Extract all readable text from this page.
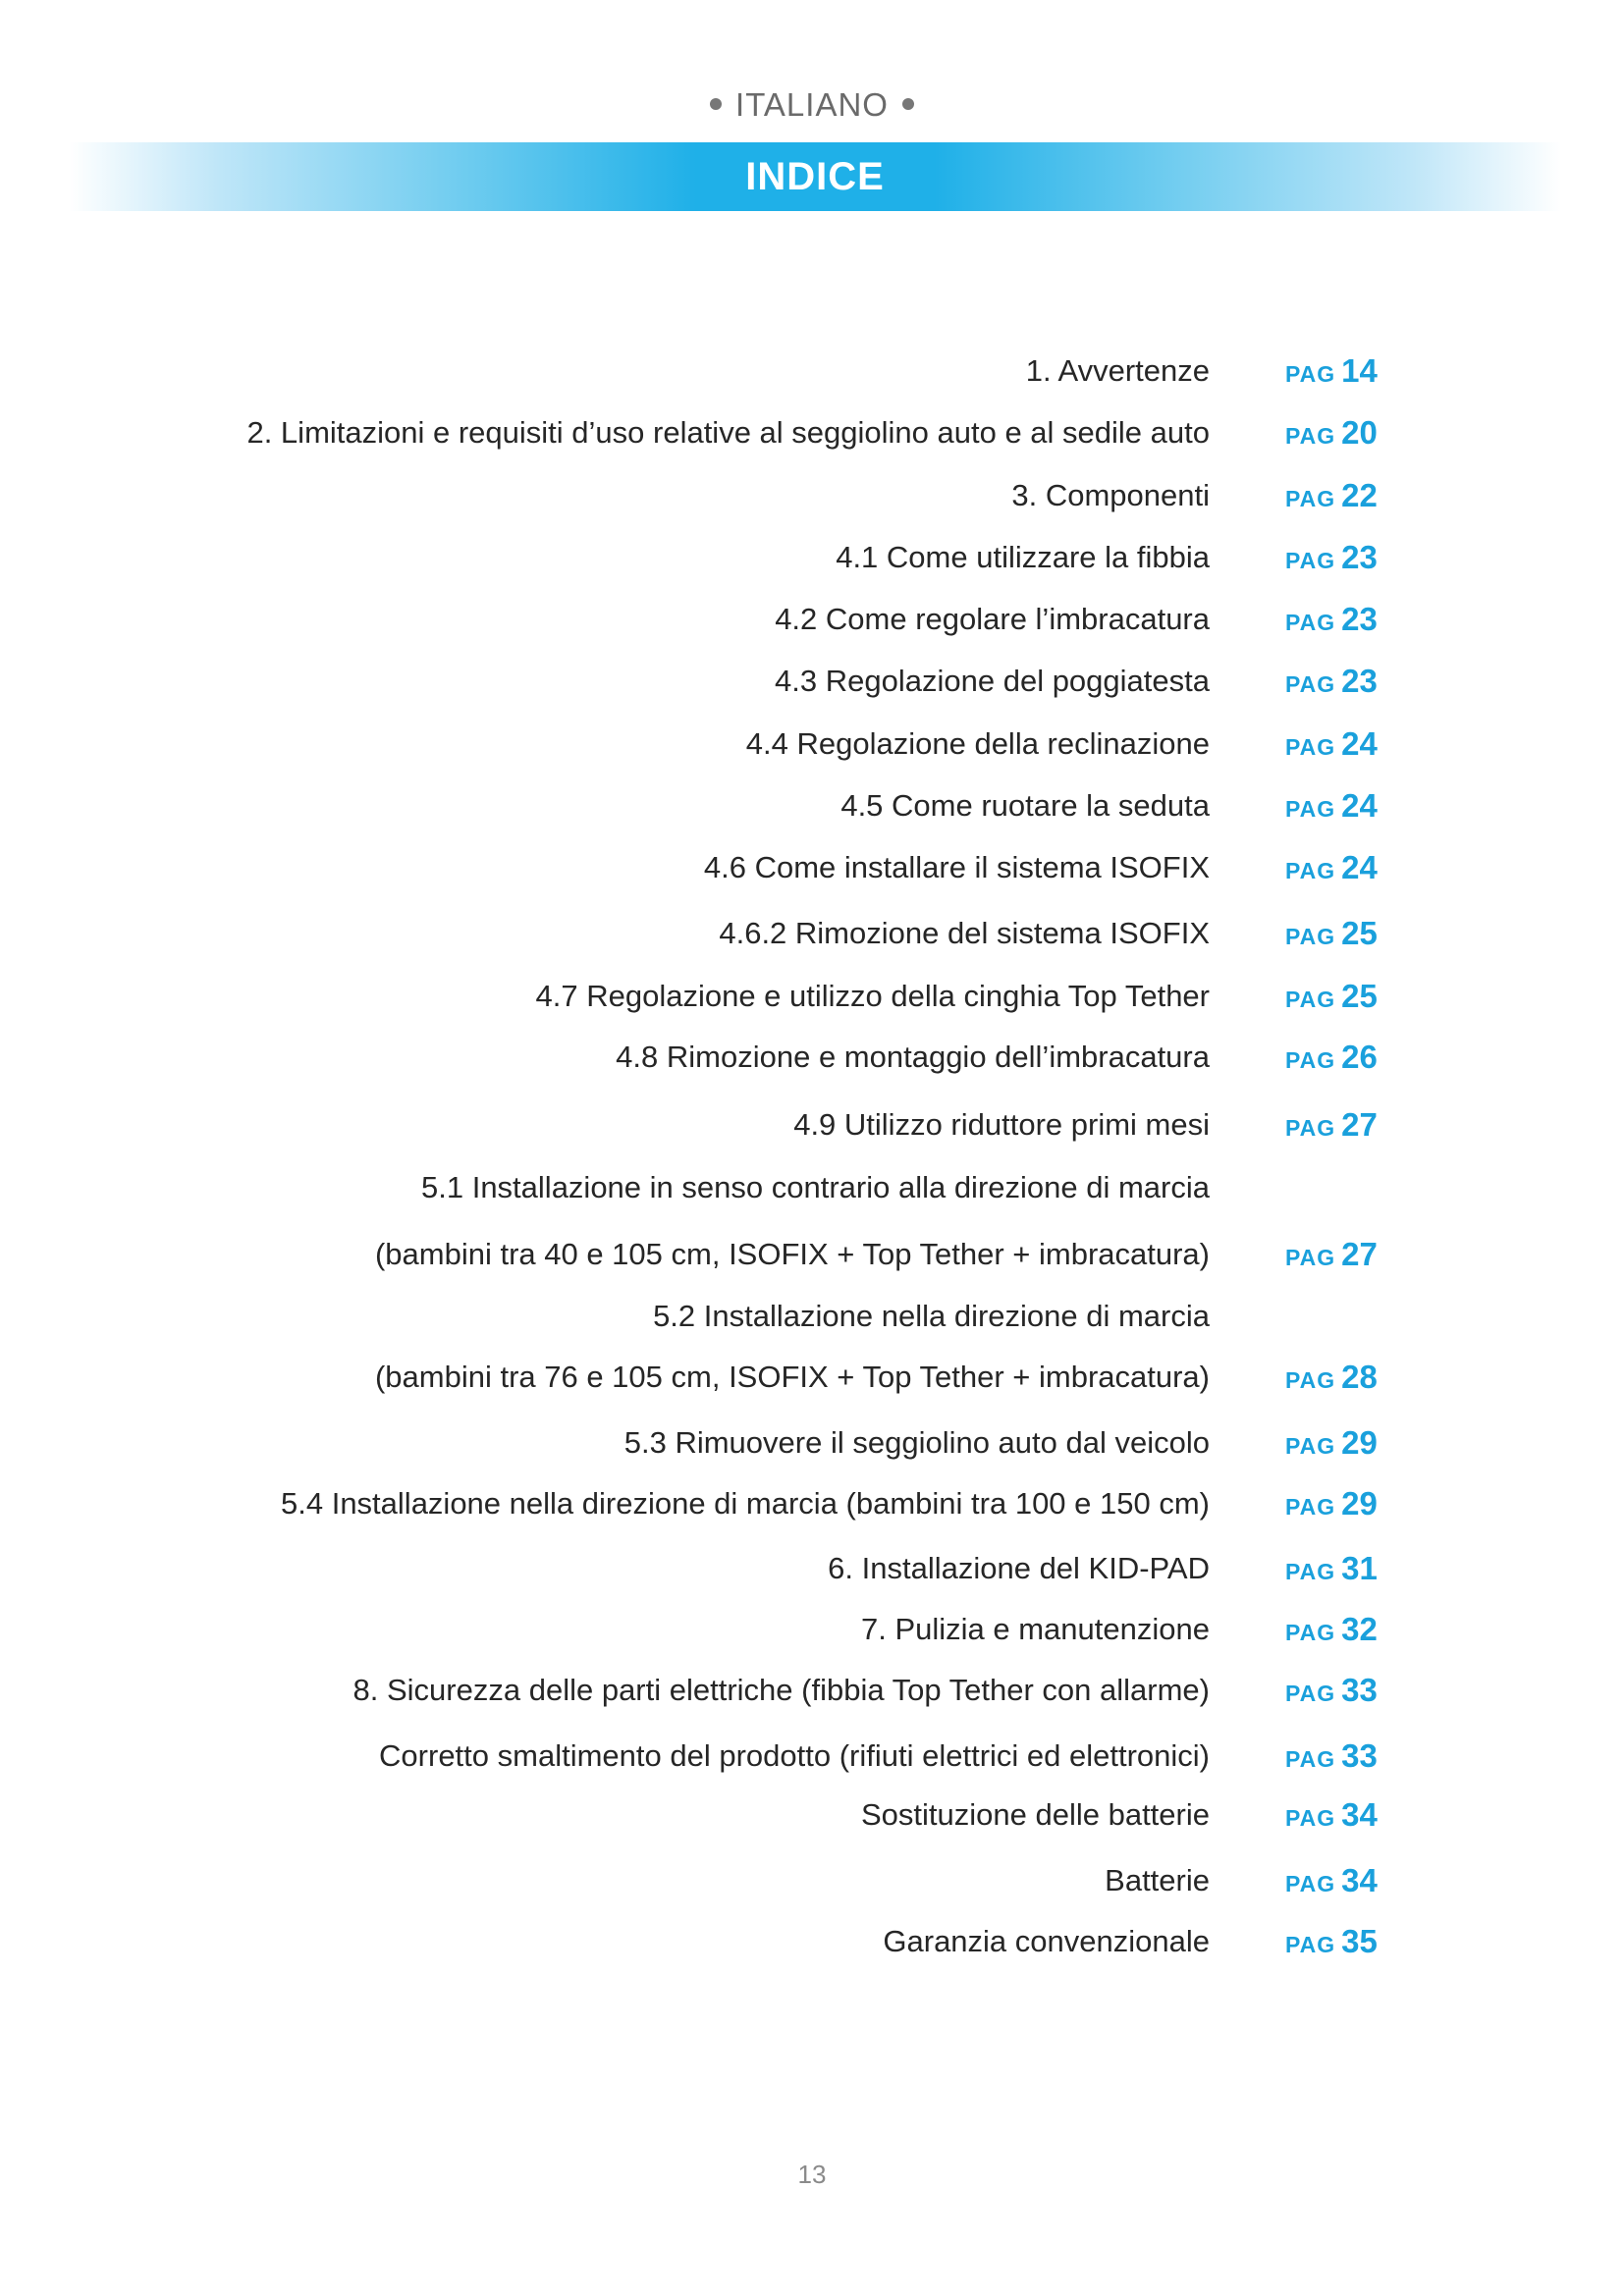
ITALIANO
INDICE
1. Avvertenze	PAG 14
2. Limitazioni e requisiti d’uso relative al seggiolino auto e al sedile auto	PAG 20
3. Componenti	PAG 22
4.1 Come utilizzare la fibbia	PAG 23
4.2 Come regolare l’imbracatura	PAG 23
4.3 Regolazione del poggiatesta	PAG 23
4.4 Regolazione della reclinazione	PAG 24
4.5 Come ruotare la seduta	PAG 24
4.6 Come installare il sistema ISOFIX	PAG 24
4.6.2 Rimozione del sistema ISOFIX	PAG 25
4.7 Regolazione e utilizzo della cinghia Top Tether	PAG 25
4.8 Rimozione e montaggio dell’imbracatura	PAG 26
4.9 Utilizzo riduttore primi mesi	PAG 27
5.1 Installazione in senso contrario alla direzione di marcia
(bambini tra 40 e 105 cm, ISOFIX + Top Tether + imbracatura)	PAG 27
5.2 Installazione nella direzione di marcia
(bambini tra 76 e 105 cm, ISOFIX + Top Tether + imbracatura)	PAG 28
5.3 Rimuovere il seggiolino auto dal veicolo	PAG 29
5.4 Installazione nella direzione di marcia (bambini tra 100 e 150 cm)	PAG 29
6. Installazione del KID-PAD	PAG 31
7. Pulizia e manutenzione	PAG 32
8. Sicurezza delle parti elettriche (fibbia Top Tether con allarme)	PAG 33
Corretto smaltimento del prodotto (rifiuti elettrici ed elettronici)	PAG 33
Sostituzione delle batterie	PAG 34
Batterie	PAG 34
Garanzia convenzionale	PAG 35
13
